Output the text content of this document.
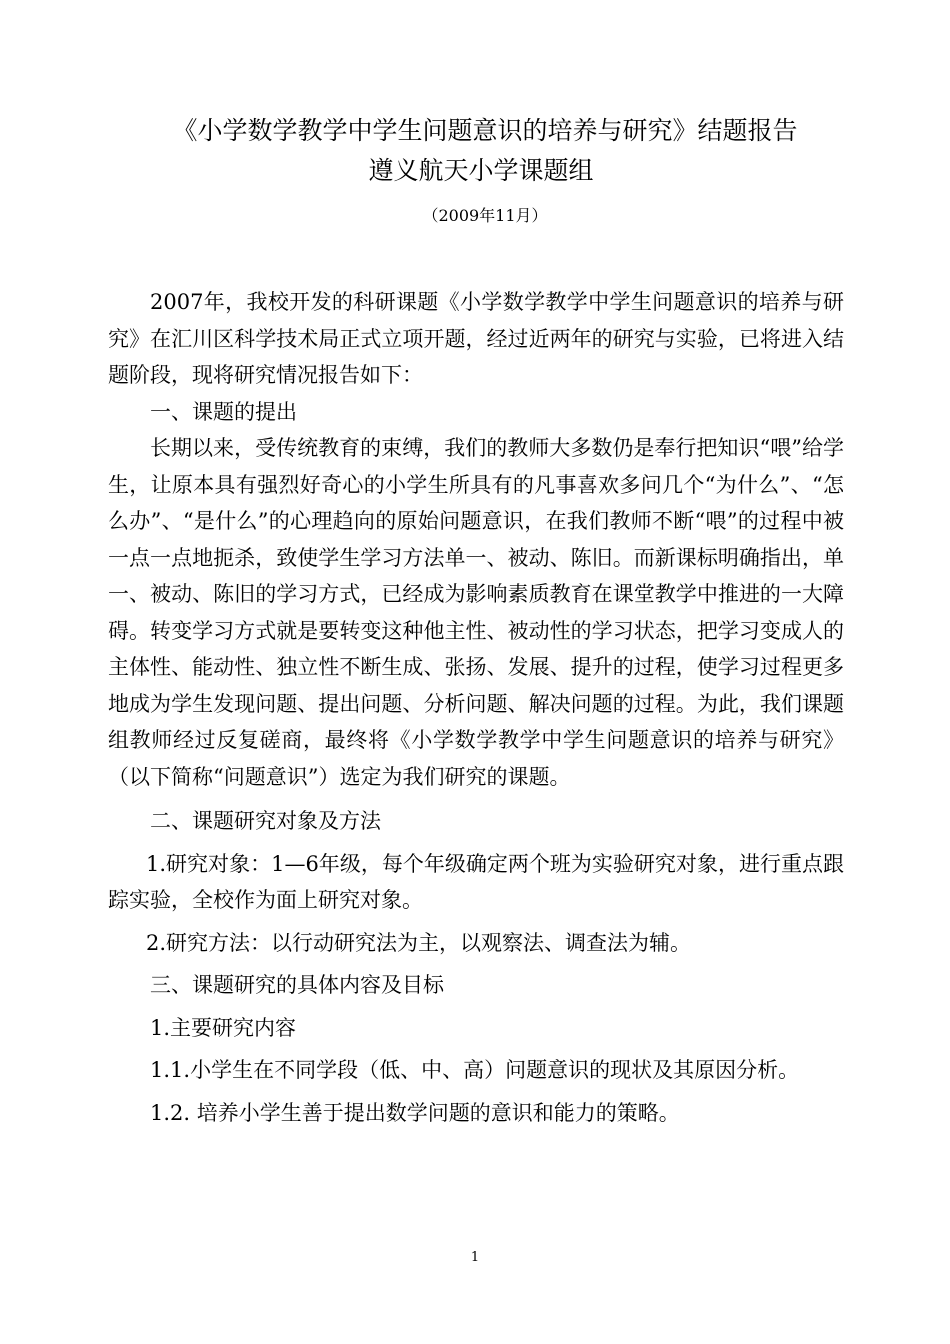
《小学数学教学中学生问题意识的培养与研究》结题报告
遵义航天小学课题组
（2009年11月）

2007年，我校开发的科研课题《小学数学教学中学生问题意识的培养与研究》在汇川区科学技术局正式立项开题，经过近两年的研究与实验，已将进入结题阶段，现将研究情况报告如下：

一、课题的提出

长期以来，受传统教育的束缚，我们的教师大多数仍是奉行把知识“喂”给学生，让原本具有强烈好奇心的小学生所具有的凡事喜欢多问几个“为什么”、“怎么办”、“是什么”的心理趋向的原始问题意识，在我们教师不断“喂”的过程中被一点一点地扼杀，致使学生学习方法单一、被动、陈旧。而新课标明确指出，单一、被动、陈旧的学习方式，已经成为影响素质教育在课堂教学中推进的一大障碍。转变学习方式就是要转变这种他主性、被动性的学习状态，把学习变成人的主体性、能动性、独立性不断生成、张扬、发展、提升的过程，使学习过程更多地成为学生发现问题、提出问题、分析问题、解决问题的过程。为此，我们课题组教师经过反复磋商，最终将《小学数学教学中学生问题意识的培养与研究》（以下简称“问题意识”）选定为我们研究的课题。

二、课题研究对象及方法

1.研究对象：1—6年级，每个年级确定两个班为实验研究对象，进行重点跟踪实验，全校作为面上研究对象。

2.研究方法：以行动研究法为主，以观察法、调查法为辅。

三、课题研究的具体内容及目标

1.主要研究内容

1.1.小学生在不同学段（低、中、高）问题意识的现状及其原因分析。

1.2. 培养小学生善于提出数学问题的意识和能力的策略。

1
